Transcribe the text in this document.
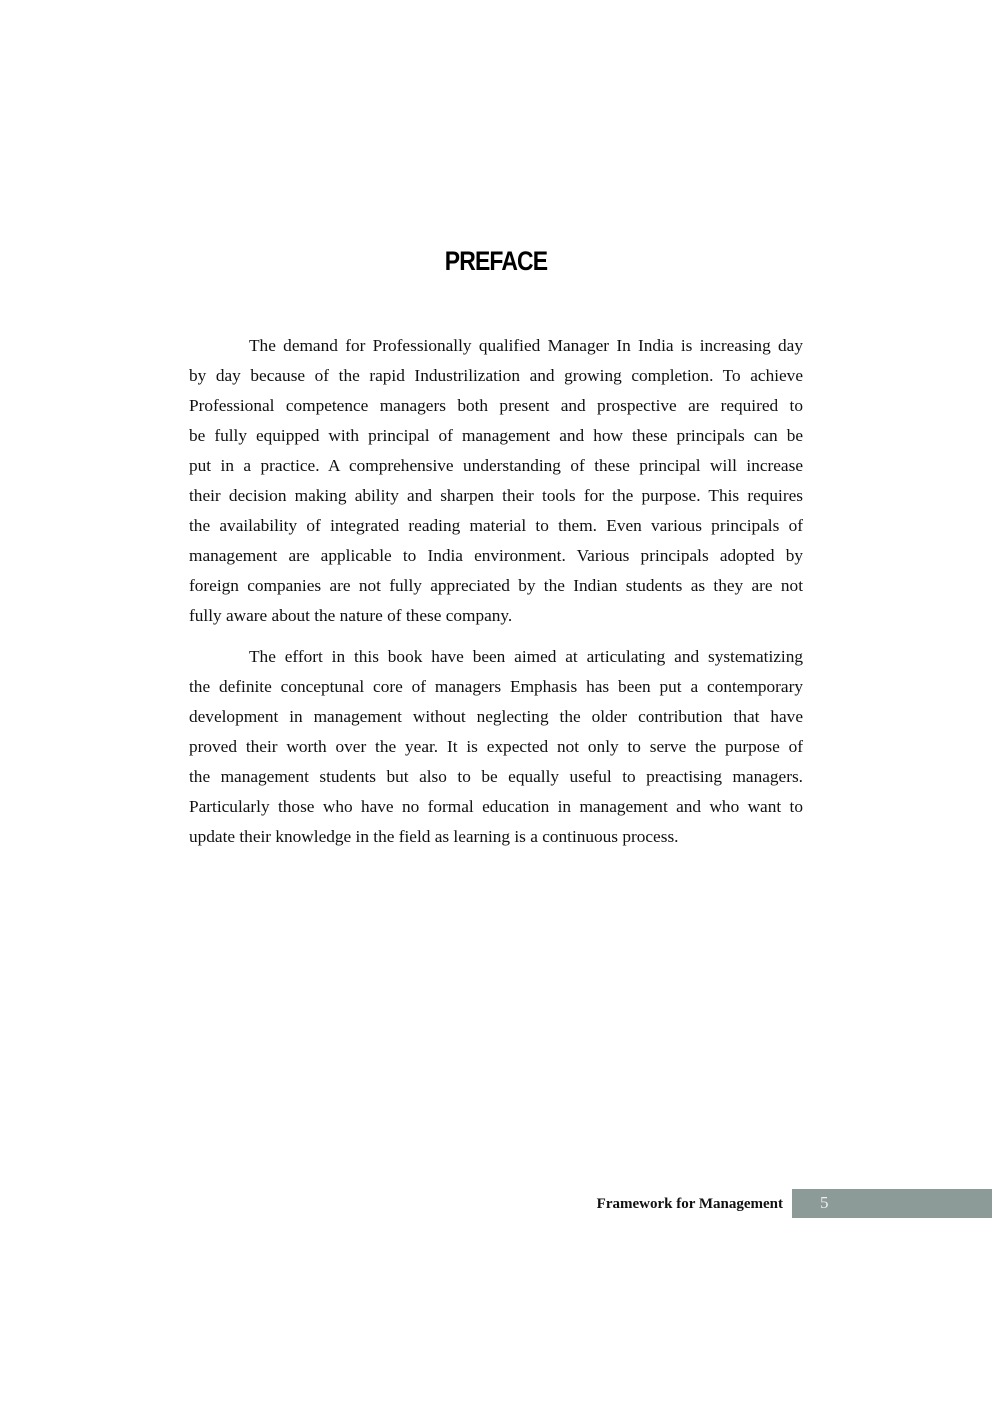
PREFACE
The demand for Professionally qualified Manager In India is increasing day
by day because of the rapid Industrilization and growing completion. To achieve
Professional competence managers both present and prospective are required to
be fully equipped with principal of management and how these principals can be
put in a practice. A comprehensive understanding of these principal will increase
their decision making ability and sharpen their tools for the purpose. This requires
the availability of integrated reading material to them. Even various principals of
management are applicable to India environment. Various principals adopted by
foreign companies are not fully appreciated by the Indian students as they are not
fully aware about the nature of these company.
The effort in this book have been aimed at articulating and systematizing
the definite conceptunal core of managers Emphasis has been put a contemporary
development in management without neglecting the older contribution that have
proved their worth over the year. It is expected not only to serve the purpose of
the management students but also to be equally useful to preactising managers.
Particularly those who have no formal education in management and who want to
update their knowledge in the field as learning is a continuous process.
Framework for Management 5
